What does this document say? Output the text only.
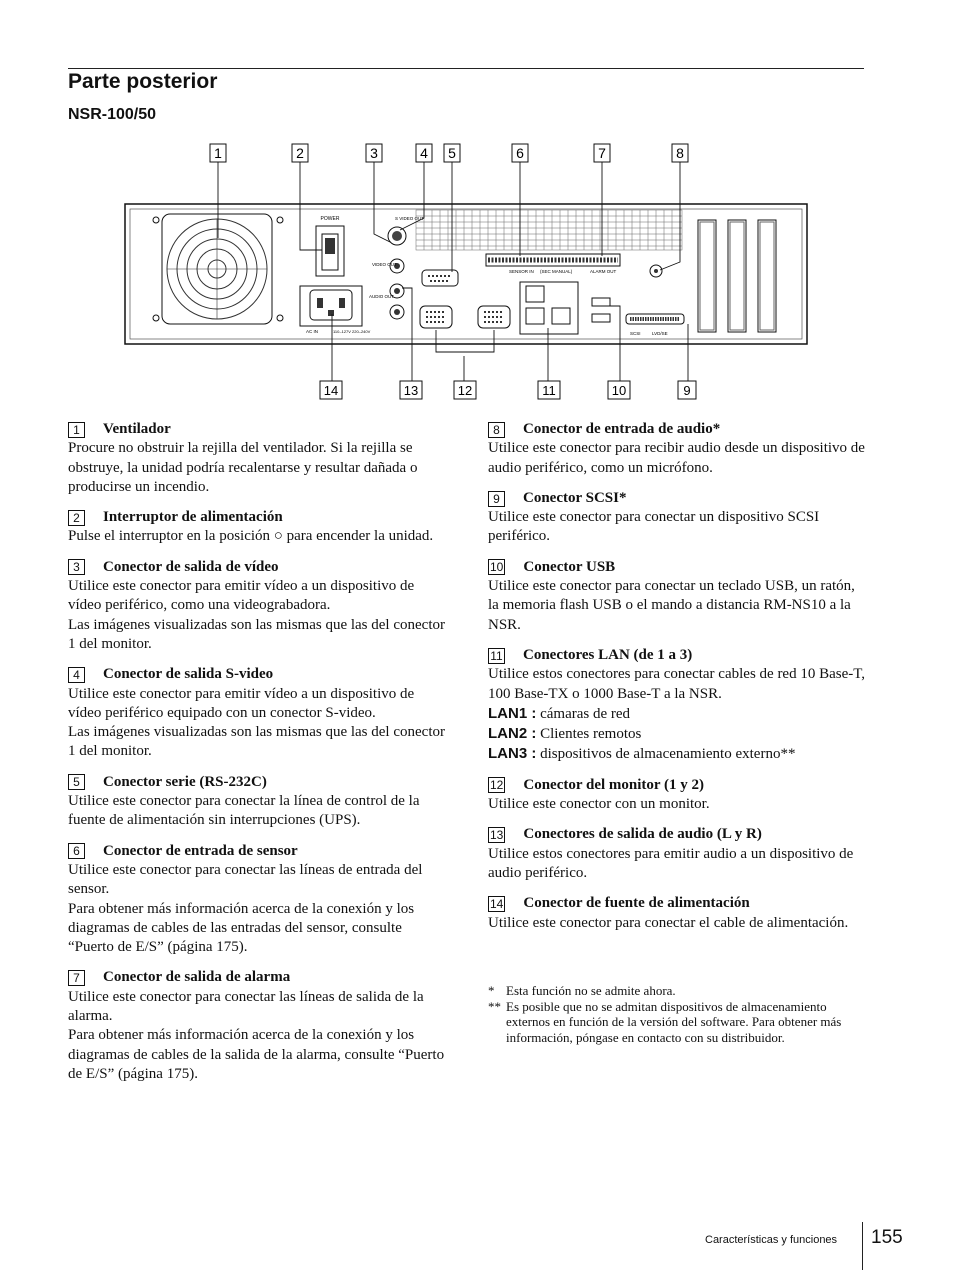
Parte posterior
NSR-100/50
1	2	3	4 5	6	7	8
POWER
AC IN	110–127V 220–240V
S VIDEO OUT
VIDEO OUT
AUDIO OUT
SENSOR IN (SEC MANUAL)	ALARM OUT
SCSI	LVD/SE
14	13	12	11	10	9
1	Ventilador
Procure no obstruir la rejilla del ventilador. Si la rejilla se obstruye, la unidad podría recalentarse y resultar dañada o producirse un incendio.
2	Interruptor de alimentación
Pulse el interruptor en la posición ○ para encender la unidad.
3	Conector de salida de vídeo
Utilice este conector para emitir vídeo a un dispositivo de vídeo periférico, como una videograbadora.
Las imágenes visualizadas son las mismas que las del conector 1 del monitor.
4	Conector de salida S-video
Utilice este conector para emitir vídeo a un dispositivo de vídeo periférico equipado con un conector S-video.
Las imágenes visualizadas son las mismas que las del conector 1 del monitor.
5	Conector serie (RS-232C)
Utilice este conector para conectar la línea de control de la fuente de alimentación sin interrupciones (UPS).
6	Conector de entrada de sensor
Utilice este conector para conectar las líneas de entrada del sensor.
Para obtener más información acerca de la conexión y los diagramas de cables de las entradas del sensor, consulte “Puerto de E/S” (página 175).
7	Conector de salida de alarma
Utilice este conector para conectar las líneas de salida de la alarma.
Para obtener más información acerca de la conexión y los diagramas de cables de la salida de la alarma, consulte “Puerto de E/S” (página 175).
8	Conector de entrada de audio*
Utilice este conector para recibir audio desde un dispositivo de audio periférico, como un micrófono.
9	Conector SCSI*
Utilice este conector para conectar un dispositivo SCSI periférico.
10 Conector USB
Utilice este conector para conectar un teclado USB, un ratón, la memoria flash USB o el mando a distancia RM-NS10 a la NSR.
11 Conectores LAN (de 1 a 3)
Utilice estos conectores para conectar cables de red 10 Base-T, 100 Base-TX o 1000 Base-T a la NSR.
LAN1 : cámaras de red
LAN2 : Clientes remotos
LAN3 : dispositivos de almacenamiento externo**
12 Conector del monitor (1 y 2)
Utilice este conector con un monitor.
13 Conectores de salida de audio (L y R)
Utilice estos conectores para emitir audio a un dispositivo de audio periférico.
14 Conector de fuente de alimentación
Utilice este conector para conectar el cable de alimentación.
* Esta función no se admite ahora.
** Es posible que no se admitan dispositivos de almacenamiento externos en función de la versión del software. Para obtener más información, póngase en contacto con su distribuidor.
Características y funciones 155
